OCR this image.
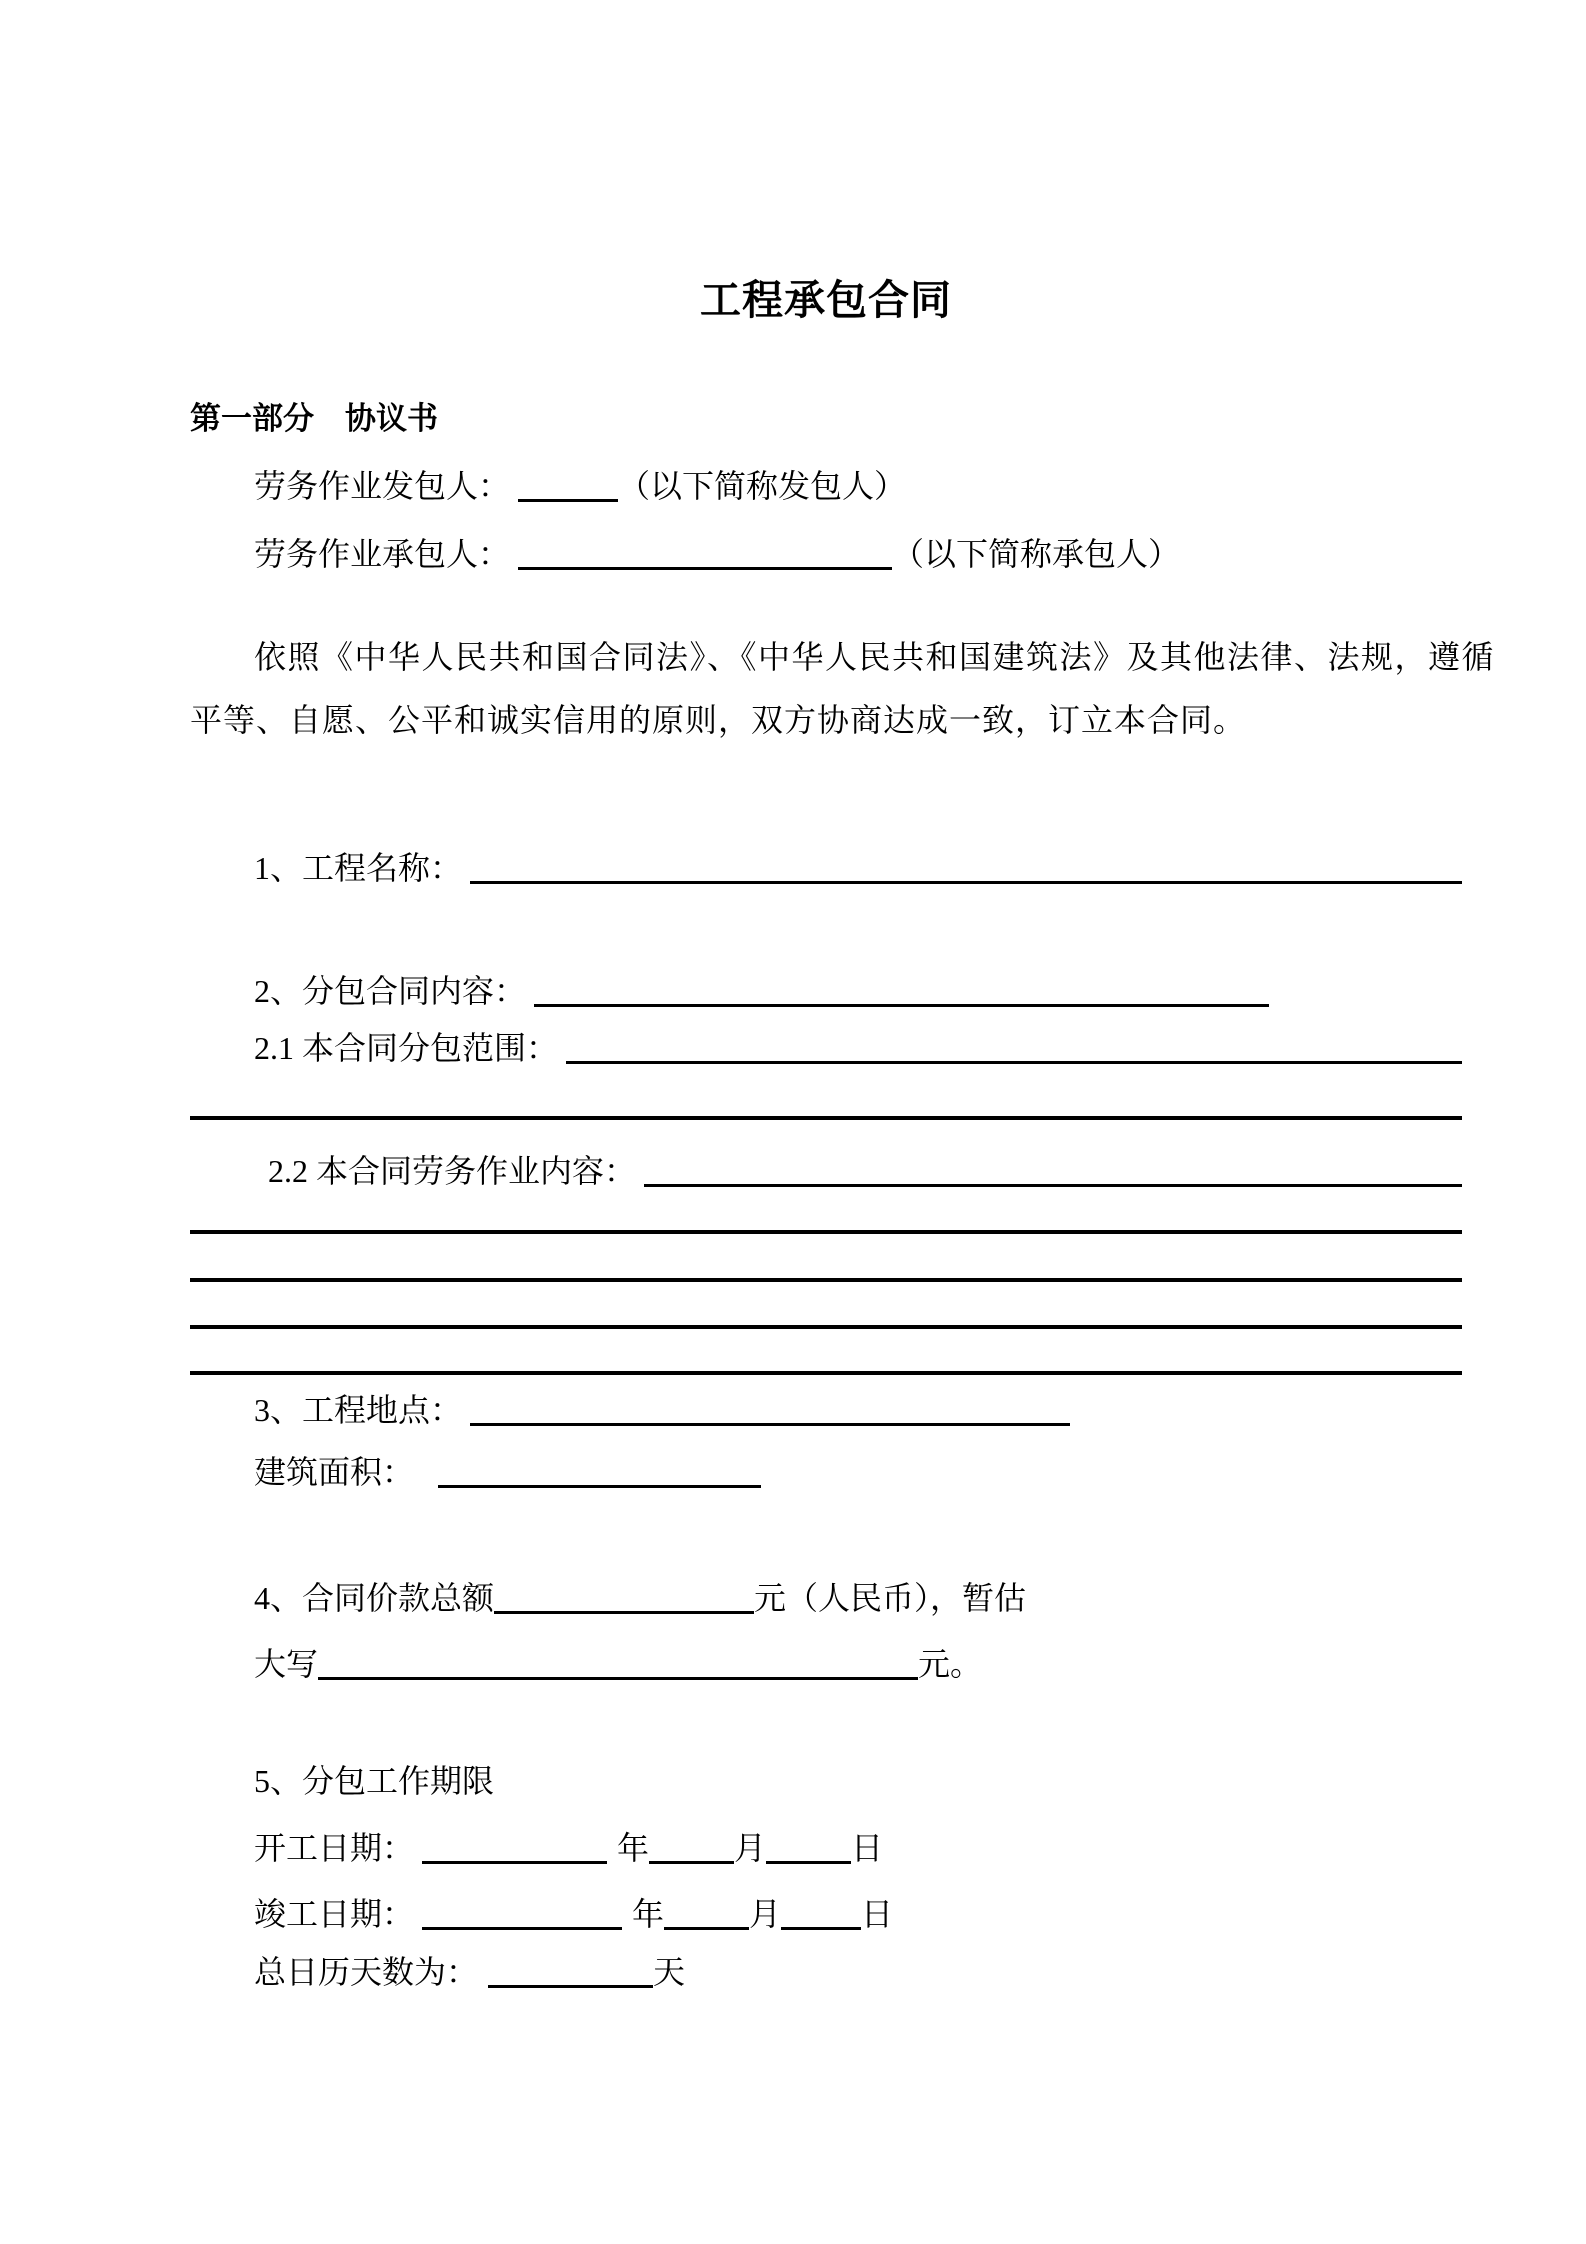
工程承包合同
第一部分　协议书
劳务作业发包人：	（以下简称发包人）
劳务作业承包人：	（以下简称承包人）
依照《中华人民共和国合同法》、《中华人民共和国建筑法》及其他法律、法规，遵循
平等、自愿、公平和诚实信用的原则，双方协商达成一致，订立本合同。
1、工程名称：
2、分包合同内容：
2.1 本合同分包范围：
2.2 本合同劳务作业内容：
3、工程地点：
建筑面积：
4、合同价款总额	元（人民币），暂估
大写	元。
5、分包工作期限
开工日期：	年	月	日
竣工日期：	年	月	日
总日历天数为：	天
